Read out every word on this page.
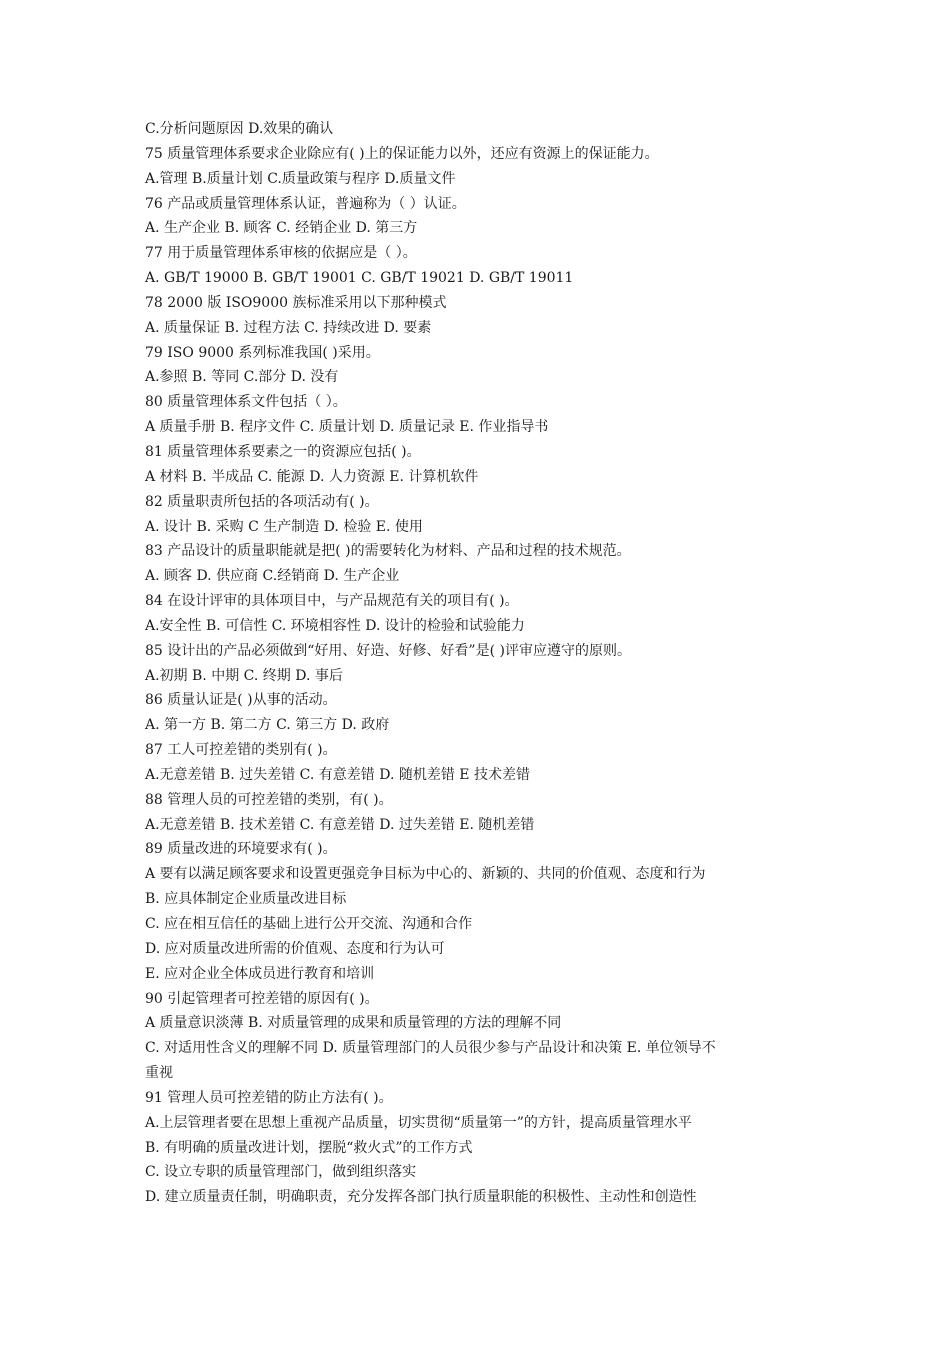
C.分析问题原因 D.效果的确认
75 质量管理体系要求企业除应有( )上的保证能力以外，还应有资源上的保证能力。
A.管理 B.质量计划 C.质量政策与程序 D.质量文件
76 产品或质量管理体系认证，普遍称为（ ）认证。
A. 生产企业 B. 顾客 C. 经销企业 D. 第三方
77 用于质量管理体系审核的依据应是（ ）。
A. GB/T 19000 B. GB/T 19001 C. GB/T 19021 D. GB/T 19011
78 2000 版 ISO9000 族标准采用以下那种模式
A. 质量保证 B. 过程方法 C. 持续改进 D. 要素
79 ISO 9000 系列标准我国( )采用。
A.参照 B. 等同 C.部分 D. 没有
80 质量管理体系文件包括（ ）。
A 质量手册 B. 程序文件 C. 质量计划 D. 质量记录 E. 作业指导书
81 质量管理体系要素之一的资源应包括( )。
A 材料 B. 半成品 C. 能源 D. 人力资源 E. 计算机软件
82 质量职责所包括的各项活动有( )。
A. 设计 B. 采购 C 生产制造 D. 检验 E. 使用
83 产品设计的质量职能就是把( )的需要转化为材料、产品和过程的技术规范。
A. 顾客 D. 供应商 C.经销商 D. 生产企业
84 在设计评审的具体项目中，与产品规范有关的项目有( )。
A.安全性 B. 可信性 C. 环境相容性 D. 设计的检验和试验能力
85 设计出的产品必须做到“好用、好造、好修、好看”是( )评审应遵守的原则。
A.初期 B. 中期 C. 终期 D. 事后
86 质量认证是( )从事的活动。
A. 第一方 B. 第二方 C. 第三方 D. 政府
87 工人可控差错的类别有( )。
A.无意差错 B. 过失差错 C. 有意差错 D. 随机差错 E 技术差错
88 管理人员的可控差错的类别，有( )。
A.无意差错 B. 技术差错 C. 有意差错 D. 过失差错 E. 随机差错
89 质量改进的环境要求有( )。
A 要有以满足顾客要求和设置更强竞争目标为中心的、新颖的、共同的价值观、态度和行为
B. 应具体制定企业质量改进目标
C. 应在相互信任的基础上进行公开交流、沟通和合作
D. 应对质量改进所需的价值观、态度和行为认可
E. 应对企业全体成员进行教育和培训
90 引起管理者可控差错的原因有( )。
A 质量意识淡薄 B. 对质量管理的成果和质量管理的方法的理解不同
C. 对适用性含义的理解不同 D. 质量管理部门的人员很少参与产品设计和决策 E. 单位领导不
重视
91 管理人员可控差错的防止方法有( )。
A.上层管理者要在思想上重视产品质量，切实贯彻“质量第一”的方针，提高质量管理水平
B. 有明确的质量改进计划，摆脱“救火式”的工作方式
C. 设立专职的质量管理部门，做到组织落实
D. 建立质量责任制，明确职责，充分发挥各部门执行质量职能的积极性、主动性和创造性
